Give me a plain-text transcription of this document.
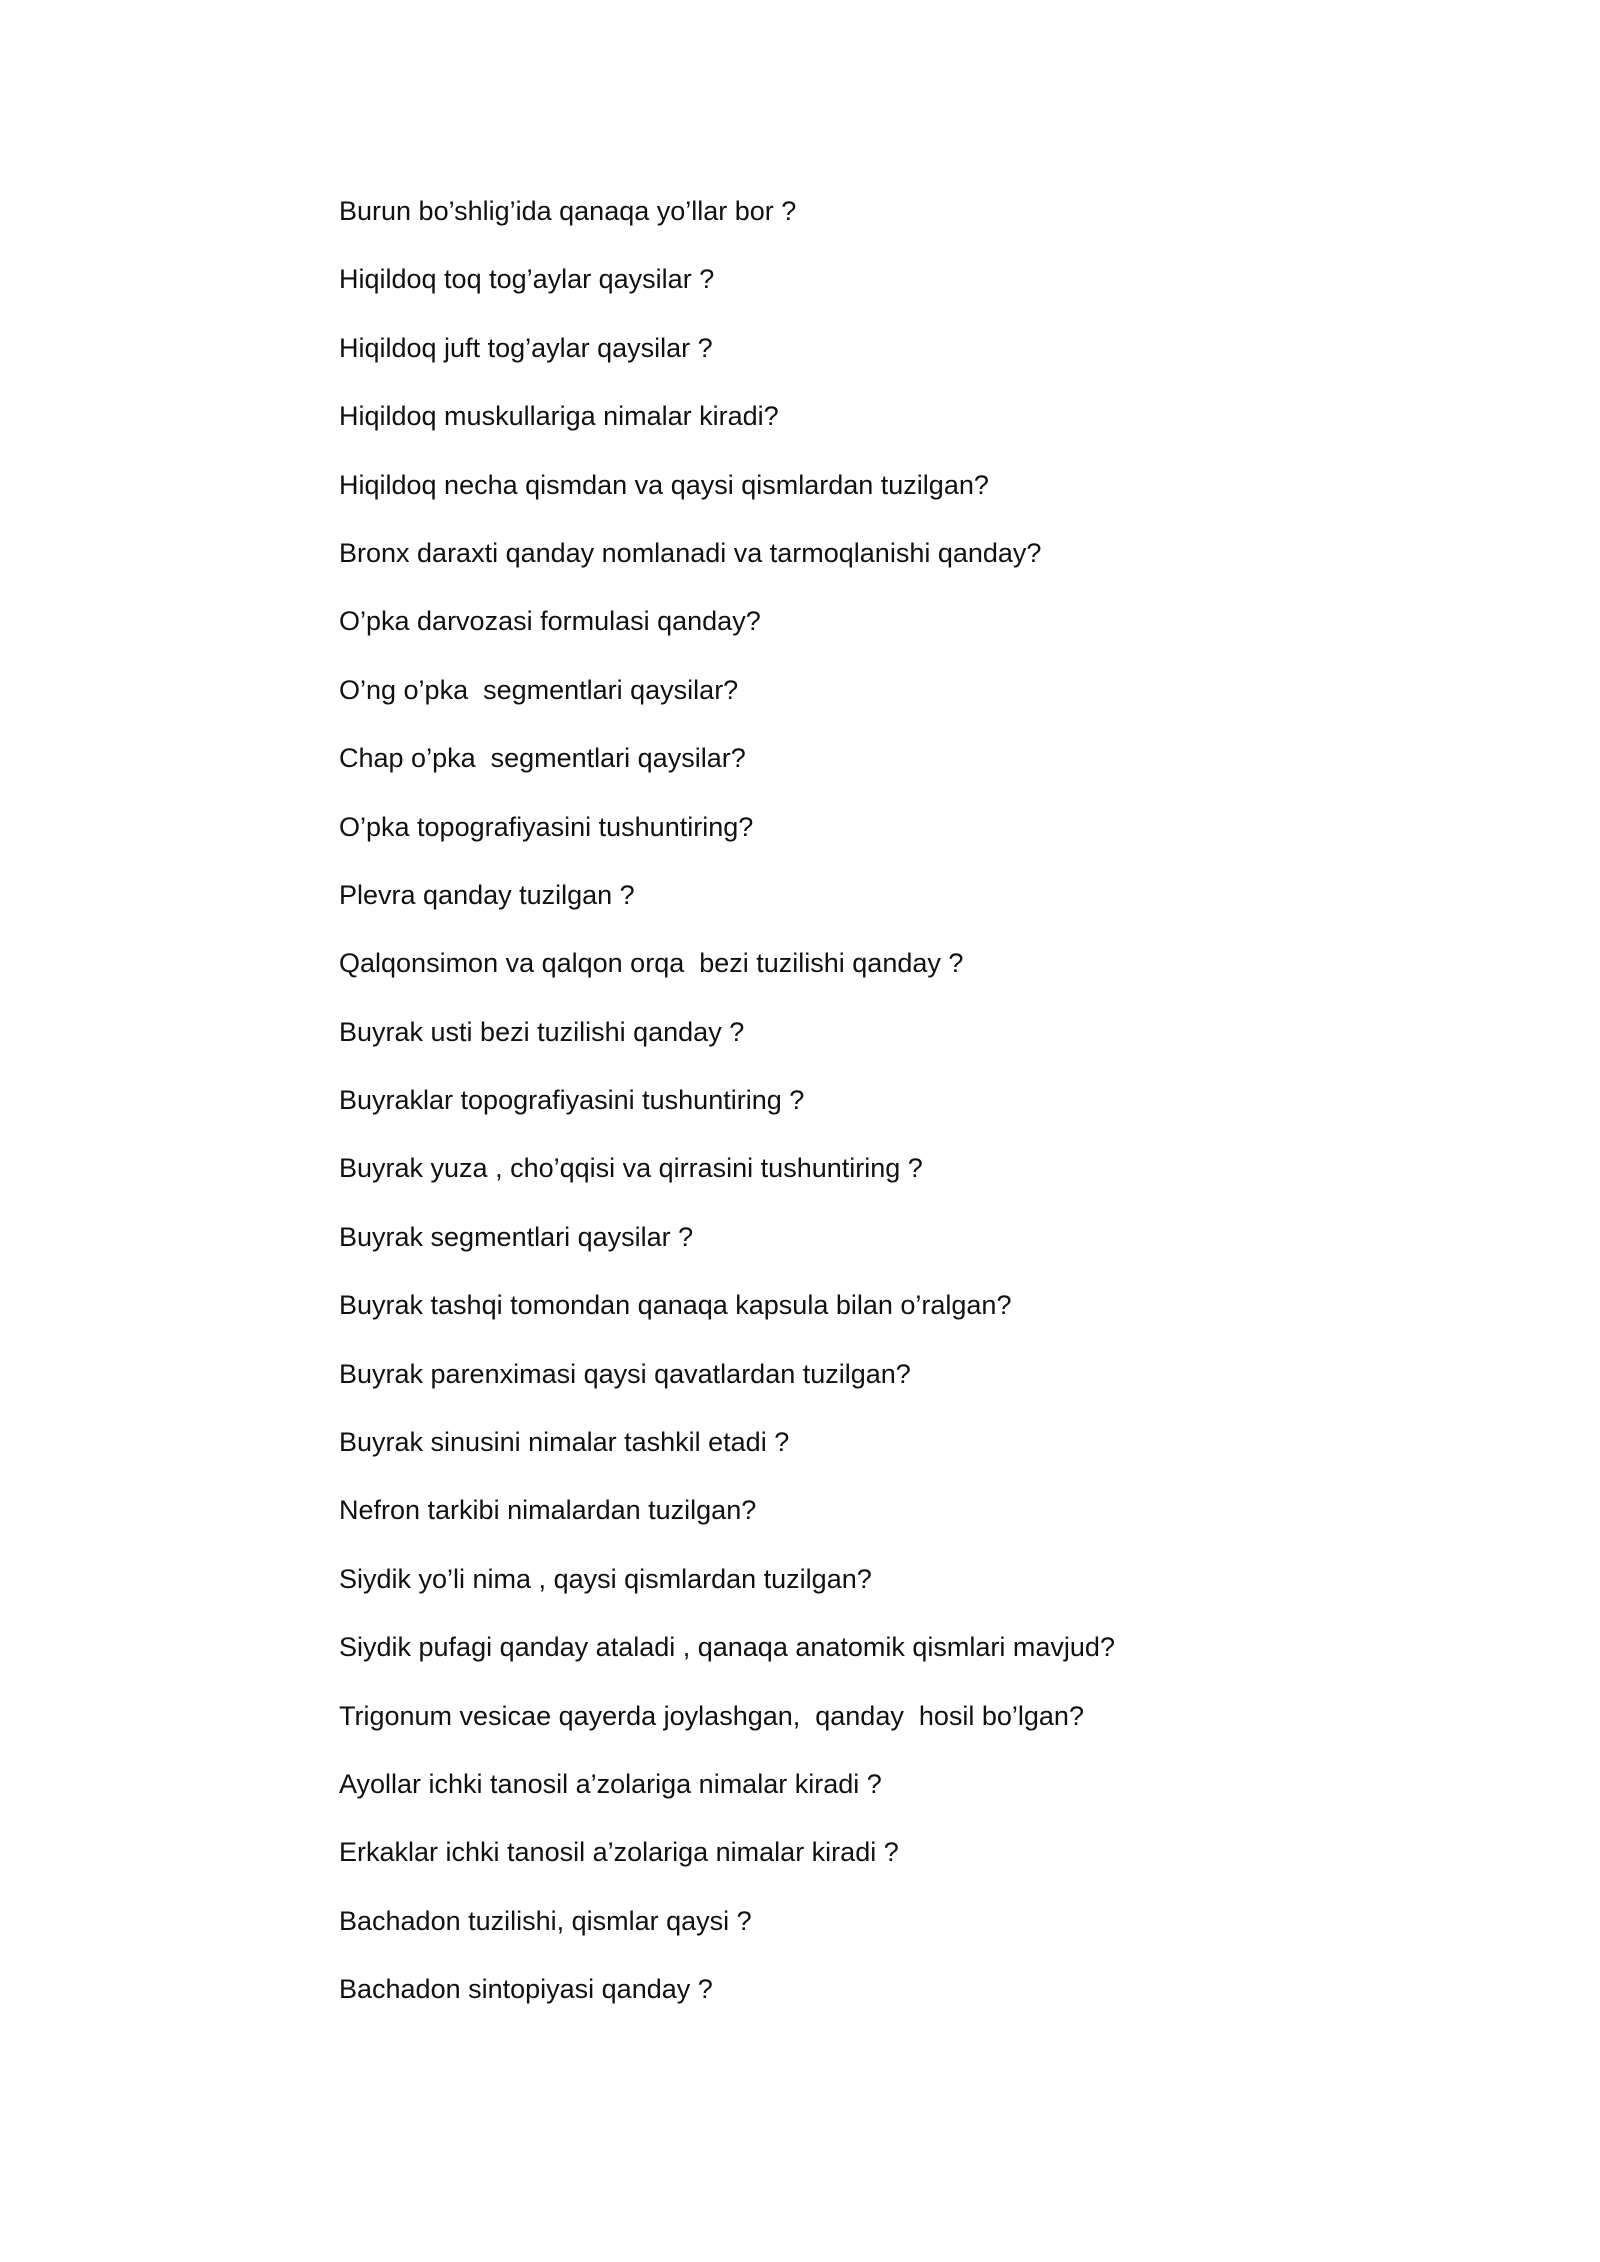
Burun bo’shlig’ida qanaqa yo’llar bor ?
Hiqildoq toq tog’aylar qaysilar ?
Hiqildoq juft tog’aylar qaysilar ?
Hiqildoq muskullariga nimalar kiradi?
Hiqildoq necha qismdan va qaysi qismlardan tuzilgan?
Bronx daraxti qanday nomlanadi va tarmoqlanishi qanday?
O’pka darvozasi formulasi qanday?
O’ng o’pka  segmentlari qaysilar?
Chap o’pka  segmentlari qaysilar?
O’pka topografiyasini tushuntiring?
Plevra qanday tuzilgan ?
Qalqonsimon va qalqon orqa  bezi tuzilishi qanday ?
Buyrak usti bezi tuzilishi qanday ?
Buyraklar topografiyasini tushuntiring ?
Buyrak yuza , cho’qqisi va qirrasini tushuntiring ?
Buyrak segmentlari qaysilar ?
Buyrak tashqi tomondan qanaqa kapsula bilan o’ralgan?
Buyrak parenximasi qaysi qavatlardan tuzilgan?
Buyrak sinusini nimalar tashkil etadi ?
Nefron tarkibi nimalardan tuzilgan?
Siydik yo’li nima , qaysi qismlardan tuzilgan?
Siydik pufagi qanday ataladi , qanaqa anatomik qismlari mavjud?
Trigonum vesicae qayerda joylashgan,  qanday  hosil bo’lgan?
Ayollar ichki tanosil a’zolariga nimalar kiradi ?
Erkaklar ichki tanosil a’zolariga nimalar kiradi ?
Bachadon tuzilishi, qismlar qaysi ?
Bachadon sintopiyasi qanday ?
